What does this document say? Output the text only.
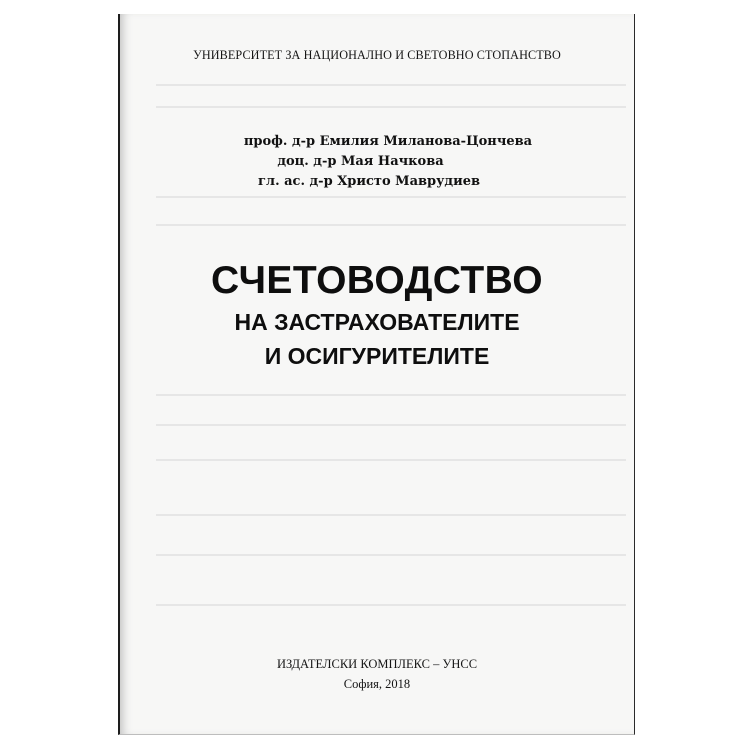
УНИВЕРСИТЕТ ЗА НАЦИОНАЛНО И СВЕТОВНО СТОПАНСТВО
проф. д-р Емилия Миланова-Цончева
доц. д-р Мая Начкова
гл. ас. д-р Христо Маврудиев
СЧЕТОВОДСТВО
НА ЗАСТРАХОВАТЕЛИТЕ
И ОСИГУРИТЕЛИТЕ
ИЗДАТЕЛСКИ КОМПЛЕКС – УНСС
София, 2018
